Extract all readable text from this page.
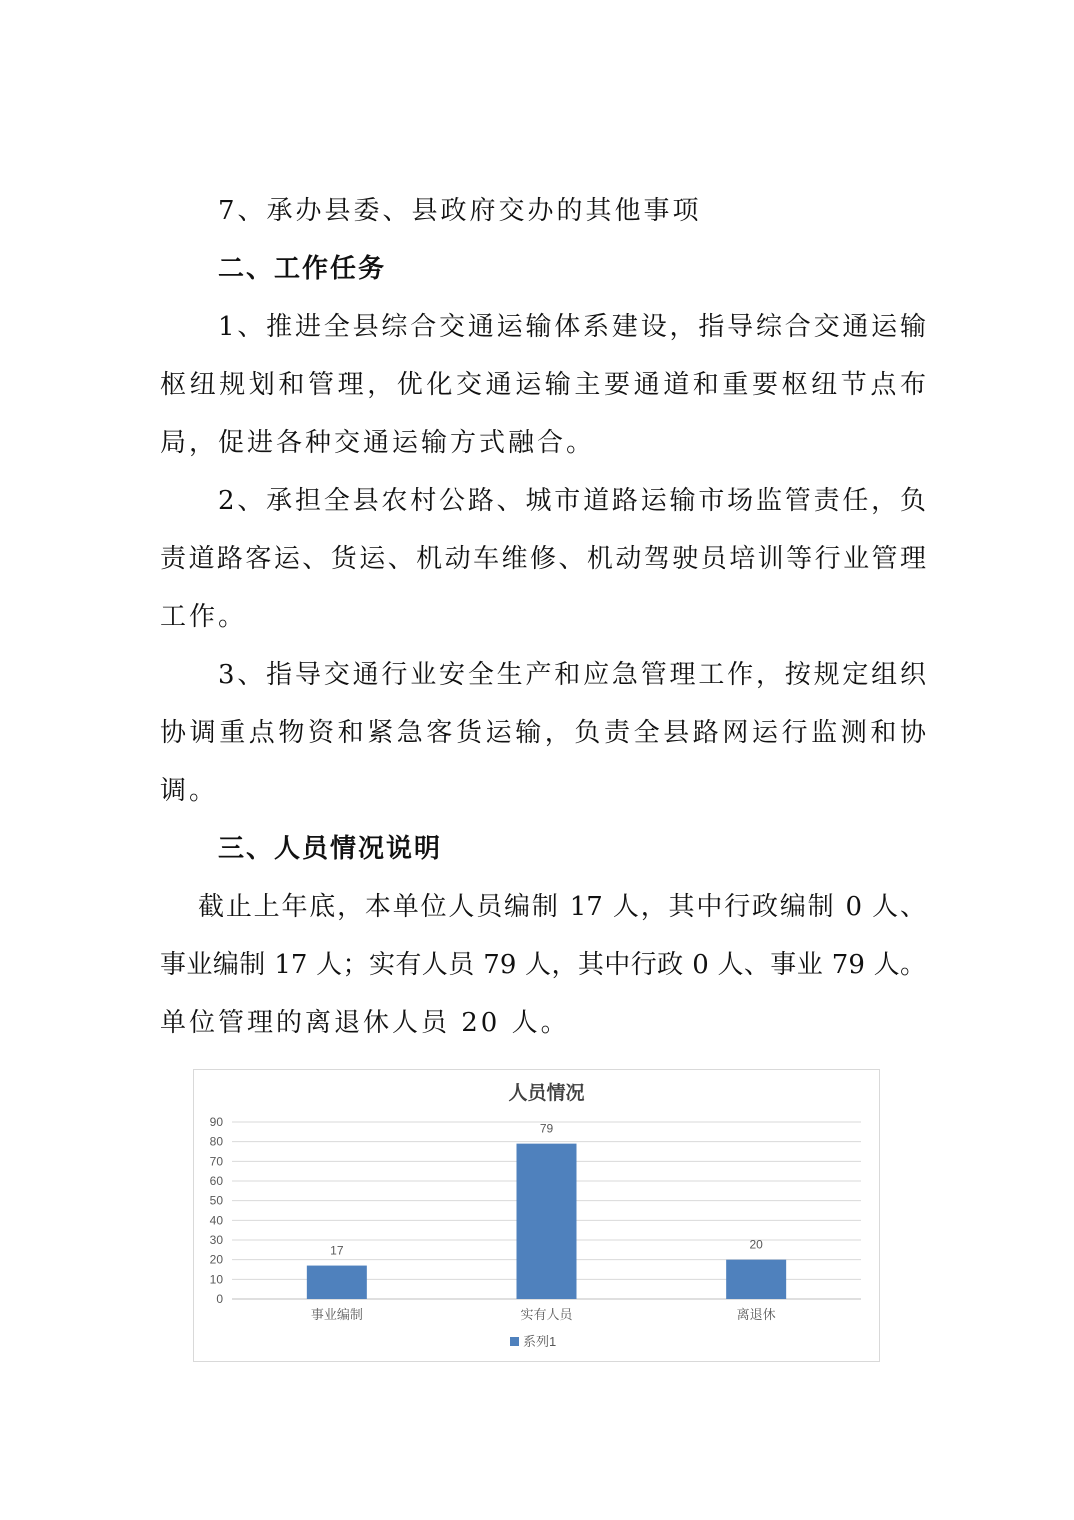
7、承办县委、县政府交办的其他事项
二、工作任务
1、推进全县综合交通运输体系建设，指导综合交通运输
枢纽规划和管理，优化交通运输主要通道和重要枢纽节点布
局，促进各种交通运输方式融合。
2、承担全县农村公路、城市道路运输市场监管责任，负
责道路客运、货运、机动车维修、机动驾驶员培训等行业管理
工作。
3、指导交通行业安全生产和应急管理工作，按规定组织
协调重点物资和紧急客货运输，负责全县路网运行监测和协
调。
三、人员情况说明
截止上年底，本单位人员编制 17 人，其中行政编制 0 人、
事业编制 17 人；实有人员 79 人，其中行政 0 人、事业 79 人。
单位管理的离退休人员 20 人。
人员情况
0
10
20
30
40
50
60
70
80
90
17
事业编制
79
实有人员
20
离退休
系列1
